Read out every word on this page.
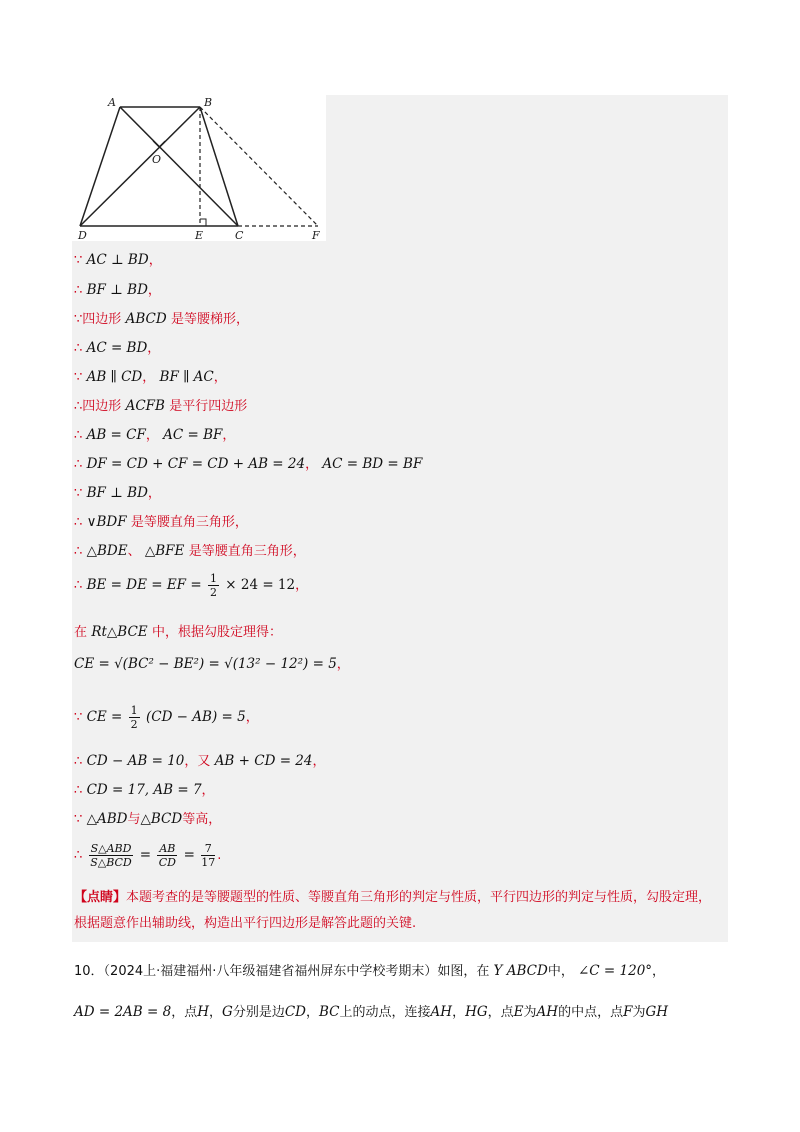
A	B
O
D	E	C	F
∵ AC ⊥ BD，
∴ BF ⊥ BD，
∵四边形 ABCD 是等腰梯形，
∴ AC = BD，
∵ AB ∥ CD， BF ∥ AC，
∴四边形 ACFB 是平行四边形
∴ AB = CF， AC = BF，
∴ DF = CD + CF = CD + AB = 24， AC = BD = BF
∵ BF ⊥ BD，
∴ ∨BDF 是等腰直角三角形，
∴ △BDE、 △BFE 是等腰直角三角形，
∴ BE = DE = EF = $\frac{1}{2} \times 24 = 12$，
在 Rt△BCE 中，根据勾股定理得：
CE = √(BC² − BE²) = √(13² − 12²) = 5，
∵ CE = $\frac{1}{2} (CD - AB) = 5$，
∴ CD − AB = 10，又 AB + CD = 24，
∴ CD = 17, AB = 7，
∵ △ABD与△BCD等高，
∴ $\frac{\text{S△ABD}}{\text{S△BCD}} = \frac{AB}{CD} = \frac{7}{17}$ .
【点睛】本题考查的是等腰题型的性质、等腰直角三角形的判定与性质，平行四边形的判定与性质，勾股定理，根据题意作出辅助线，构造出平行四边形是解答此题的关键.
10．（2024上·福建福州·八年级福建省福州屏东中学校考期末）如图，在 Y ABCD中， ∠C = 120°，
AD = 2AB = 8，点H，G分别是边CD，BC上的动点，连接AH，HG，点E为AH的中点，点F为GH
